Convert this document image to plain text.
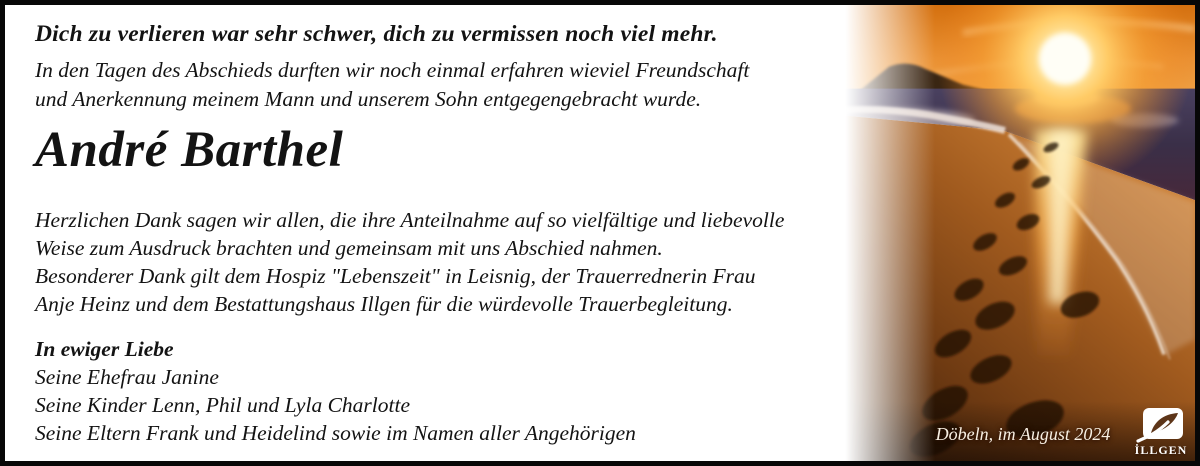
Dich zu verlieren war sehr schwer, dich zu vermissen noch viel mehr.
In den Tagen des Abschieds durften wir noch einmal erfahren wieviel Freundschaft
und Anerkennung meinem Mann und unserem Sohn entgegengebracht wurde.
André Barthel
Herzlichen Dank sagen wir allen, die ihre Anteilnahme auf so vielfältige und liebevolle
Weise zum Ausdruck brachten und gemeinsam mit uns Abschied nahmen.
Besonderer Dank gilt dem Hospiz "Lebenszeit" in Leisnig, der Trauerrednerin Frau
Anje Heinz und dem Bestattungshaus Illgen für die würdevolle Trauerbegleitung.
In ewiger Liebe
Seine Ehefrau Janine
Seine Kinder Lenn, Phil und Lyla Charlotte
Seine Eltern Frank und Heidelind sowie im Namen aller Angehörigen	Döbeln, im August 2024
İLLGEN
